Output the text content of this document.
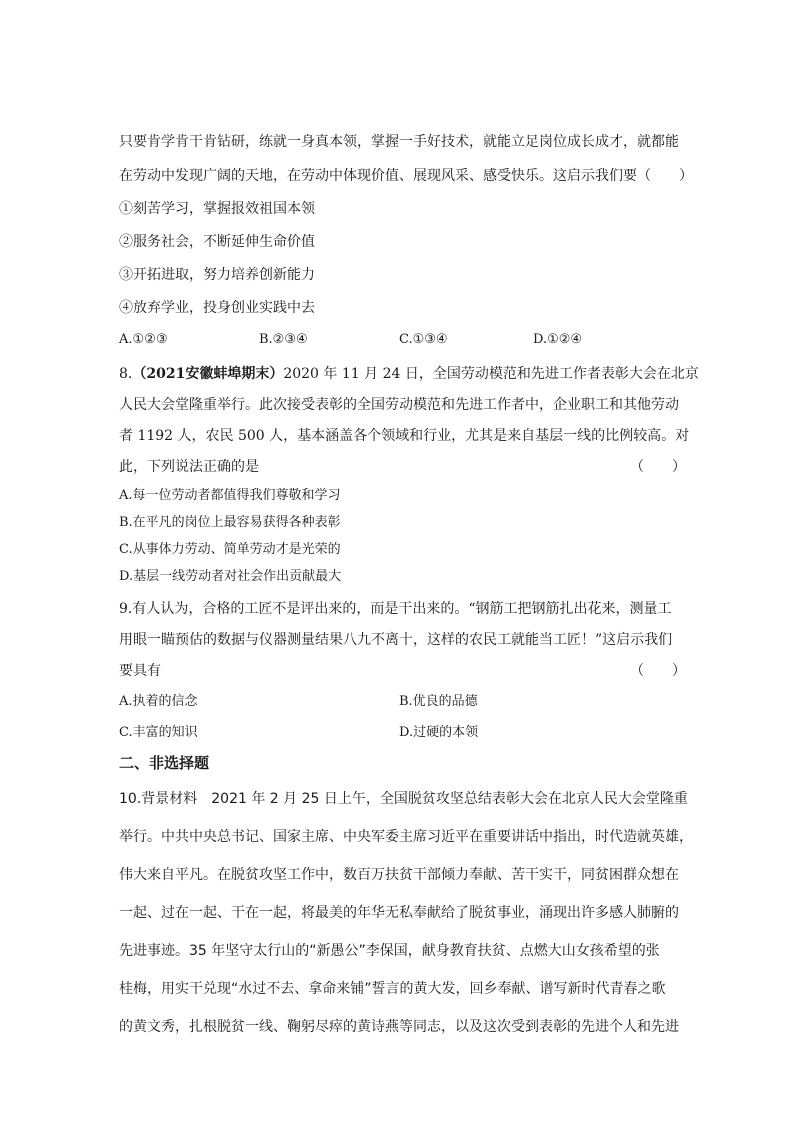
只要肯学肯干肯钻研，练就一身真本领，掌握一手好技术，就能立足岗位成长成才，就都能
在劳动中发现广阔的天地，在劳动中体现价值、展现风采、感受快乐。这启示我们要（　　）
①刻苦学习，掌握报效祖国本领
②服务社会，不断延伸生命价值
③开拓进取，努力培养创新能力
④放弃学业，投身创业实践中去
A.①②③	B.②③④	C.①③④	D.①②④
8.（2021安徽蚌埠期末）2020 年 11 月 24 日，全国劳动模范和先进工作者表彰大会在北京
人民大会堂隆重举行。此次接受表彰的全国劳动模范和先进工作者中，企业职工和其他劳动
者 1192 人，农民 500 人，基本涵盖各个领域和行业，尤其是来自基层一线的比例较高。对
此，下列说法正确的是	（　　）
A.每一位劳动者都值得我们尊敬和学习
B.在平凡的岗位上最容易获得各种表彰
C.从事体力劳动、简单劳动才是光荣的
D.基层一线劳动者对社会作出贡献最大
9.有人认为，合格的工匠不是评出来的，而是干出来的。“钢筋工把钢筋扎出花来，测量工
用眼一瞄预估的数据与仪器测量结果八九不离十，这样的农民工就能当工匠！”这启示我们
要具有	（　　）
A.执着的信念	B.优良的品德
C.丰富的知识	D.过硬的本领
二、非选择题
10.背景材料　2021 年 2 月 25 日上午，全国脱贫攻坚总结表彰大会在北京人民大会堂隆重
举行。中共中央总书记、国家主席、中央军委主席习近平在重要讲话中指出，时代造就英雄，
伟大来自平凡。在脱贫攻坚工作中，数百万扶贫干部倾力奉献、苦干实干，同贫困群众想在
一起、过在一起、干在一起，将最美的年华无私奉献给了脱贫事业，涌现出许多感人肺腑的
先进事迹。35 年坚守太行山的“新愚公”李保国，献身教育扶贫、点燃大山女孩希望的张
桂梅，用实干兑现“水过不去、拿命来铺”誓言的黄大发，回乡奉献、谱写新时代青春之歌
的黄文秀，扎根脱贫一线、鞠躬尽瘁的黄诗燕等同志，以及这次受到表彰的先进个人和先进
